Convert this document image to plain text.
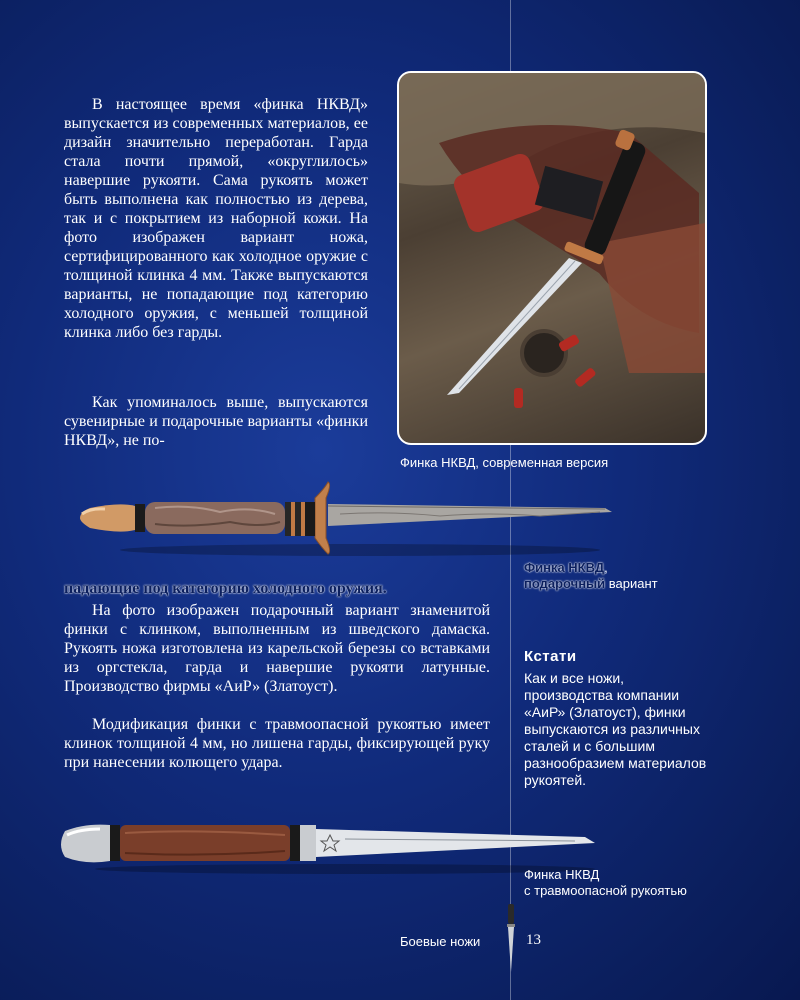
В настоящее время «финка НКВД» выпускается из современных материалов, ее дизайн значительно переработан. Гарда стала почти прямой, «округлилось» навершие рукояти. Сама рукоять может быть выполнена как полностью из дерева, так и с покрытием из наборной кожи. На фото изображен вариант ножа, сертифицированного как холодное оружие с толщиной клинка 4 мм. Также выпускаются варианты, не попадающие под категорию холодного оружия, с меньшей толщиной клинка либо без гарды.

Как упоминалось выше, выпускаются сувенирные и подарочные варианты «финки НКВД», не по-

Финка НКВД, современная версия
Финка НКВД,
подарочный вариант
падающие под категорию холодного оружия.

На фото изображен подарочный вариант знаменитой финки с клинком, выполненным из шведского дамаска. Рукоять ножа изготовлена из карельской березы со вставками из оргстекла, гарда и навершие рукояти латунные. Производство фирмы «АиР» (Златоуст).

Модификация финки с травмоопасной рукоятью имеет клинок толщиной 4 мм, но лишена гарды, фиксирующей руку при нанесении колющего удара.

Кстати
Как и все ножи, производства компании «АиР» (Златоуст), финки выпускаются из различных сталей и с большим разнообразием материалов рукоятей.
Финка НКВД
с травмоопасной рукоятью
Боевые ножи	13
